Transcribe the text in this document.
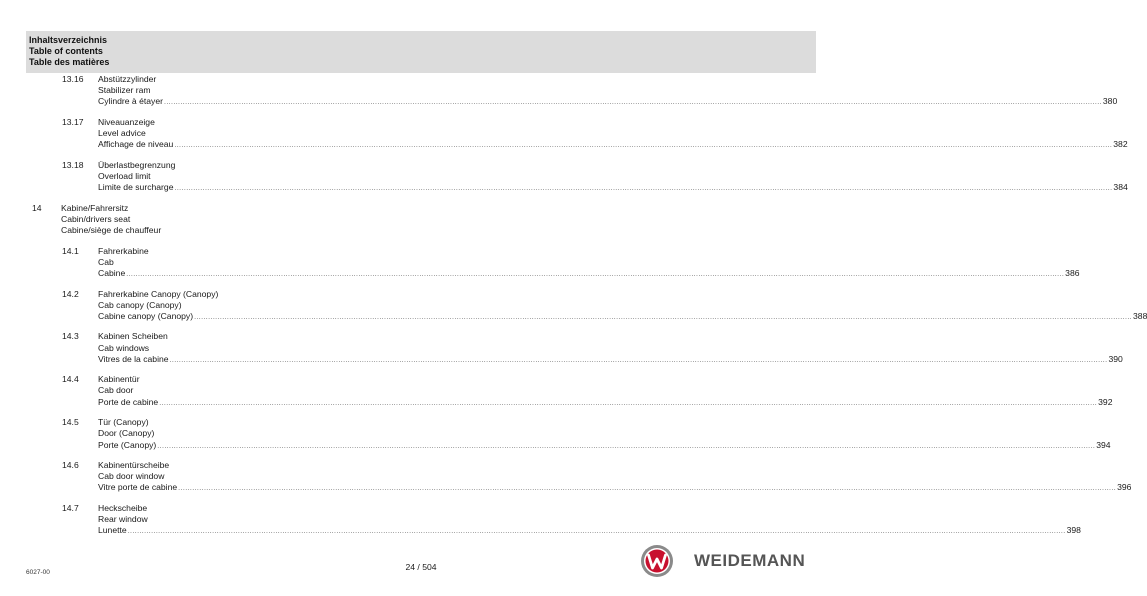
Inhaltsverzeichnis
Table of contents
Table des matières
13.16 Abstützzylinder
Stabilizer ram
Cylindre à étayer ................................................................................................................................................................................................................................................................................................................................................................................................................ 380
13.17 Niveauanzeige
Level advice
Affichage de niveau ................................................................................................................................................................................................................................................................................................................................................................................................................ 382
13.18 Überlastbegrenzung
Overload limit
Limite de surcharge ................................................................................................................................................................................................................................................................................................................................................................................................................ 384
14 Kabine/Fahrersitz
Cabin/drivers seat
Cabine/siège de chauffeur
14.1 Fahrerkabine
Cab
Cabine ................................................................................................................................................................................................................................................................................................................................................................................................................ 386
14.2 Fahrerkabine Canopy (Canopy)
Cab canopy (Canopy)
Cabine canopy (Canopy) ................................................................................................................................................................................................................................................................................................................................................................................................................ 388
14.3 Kabinen Scheiben
Cab windows
Vitres de la cabine ................................................................................................................................................................................................................................................................................................................................................................................................................ 390
14.4 Kabinentür
Cab door
Porte de cabine ................................................................................................................................................................................................................................................................................................................................................................................................................ 392
14.5 Tür (Canopy)
Door (Canopy)
Porte (Canopy) ................................................................................................................................................................................................................................................................................................................................................................................................................ 394
14.6 Kabinentürscheibe
Cab door window
Vitre porte de cabine ................................................................................................................................................................................................................................................................................................................................................................................................................ 396
14.7 Heckscheibe
Rear window
Lunette ................................................................................................................................................................................................................................................................................................................................................................................................................ 398
6027-00
24 / 504	WEIDEMANN
